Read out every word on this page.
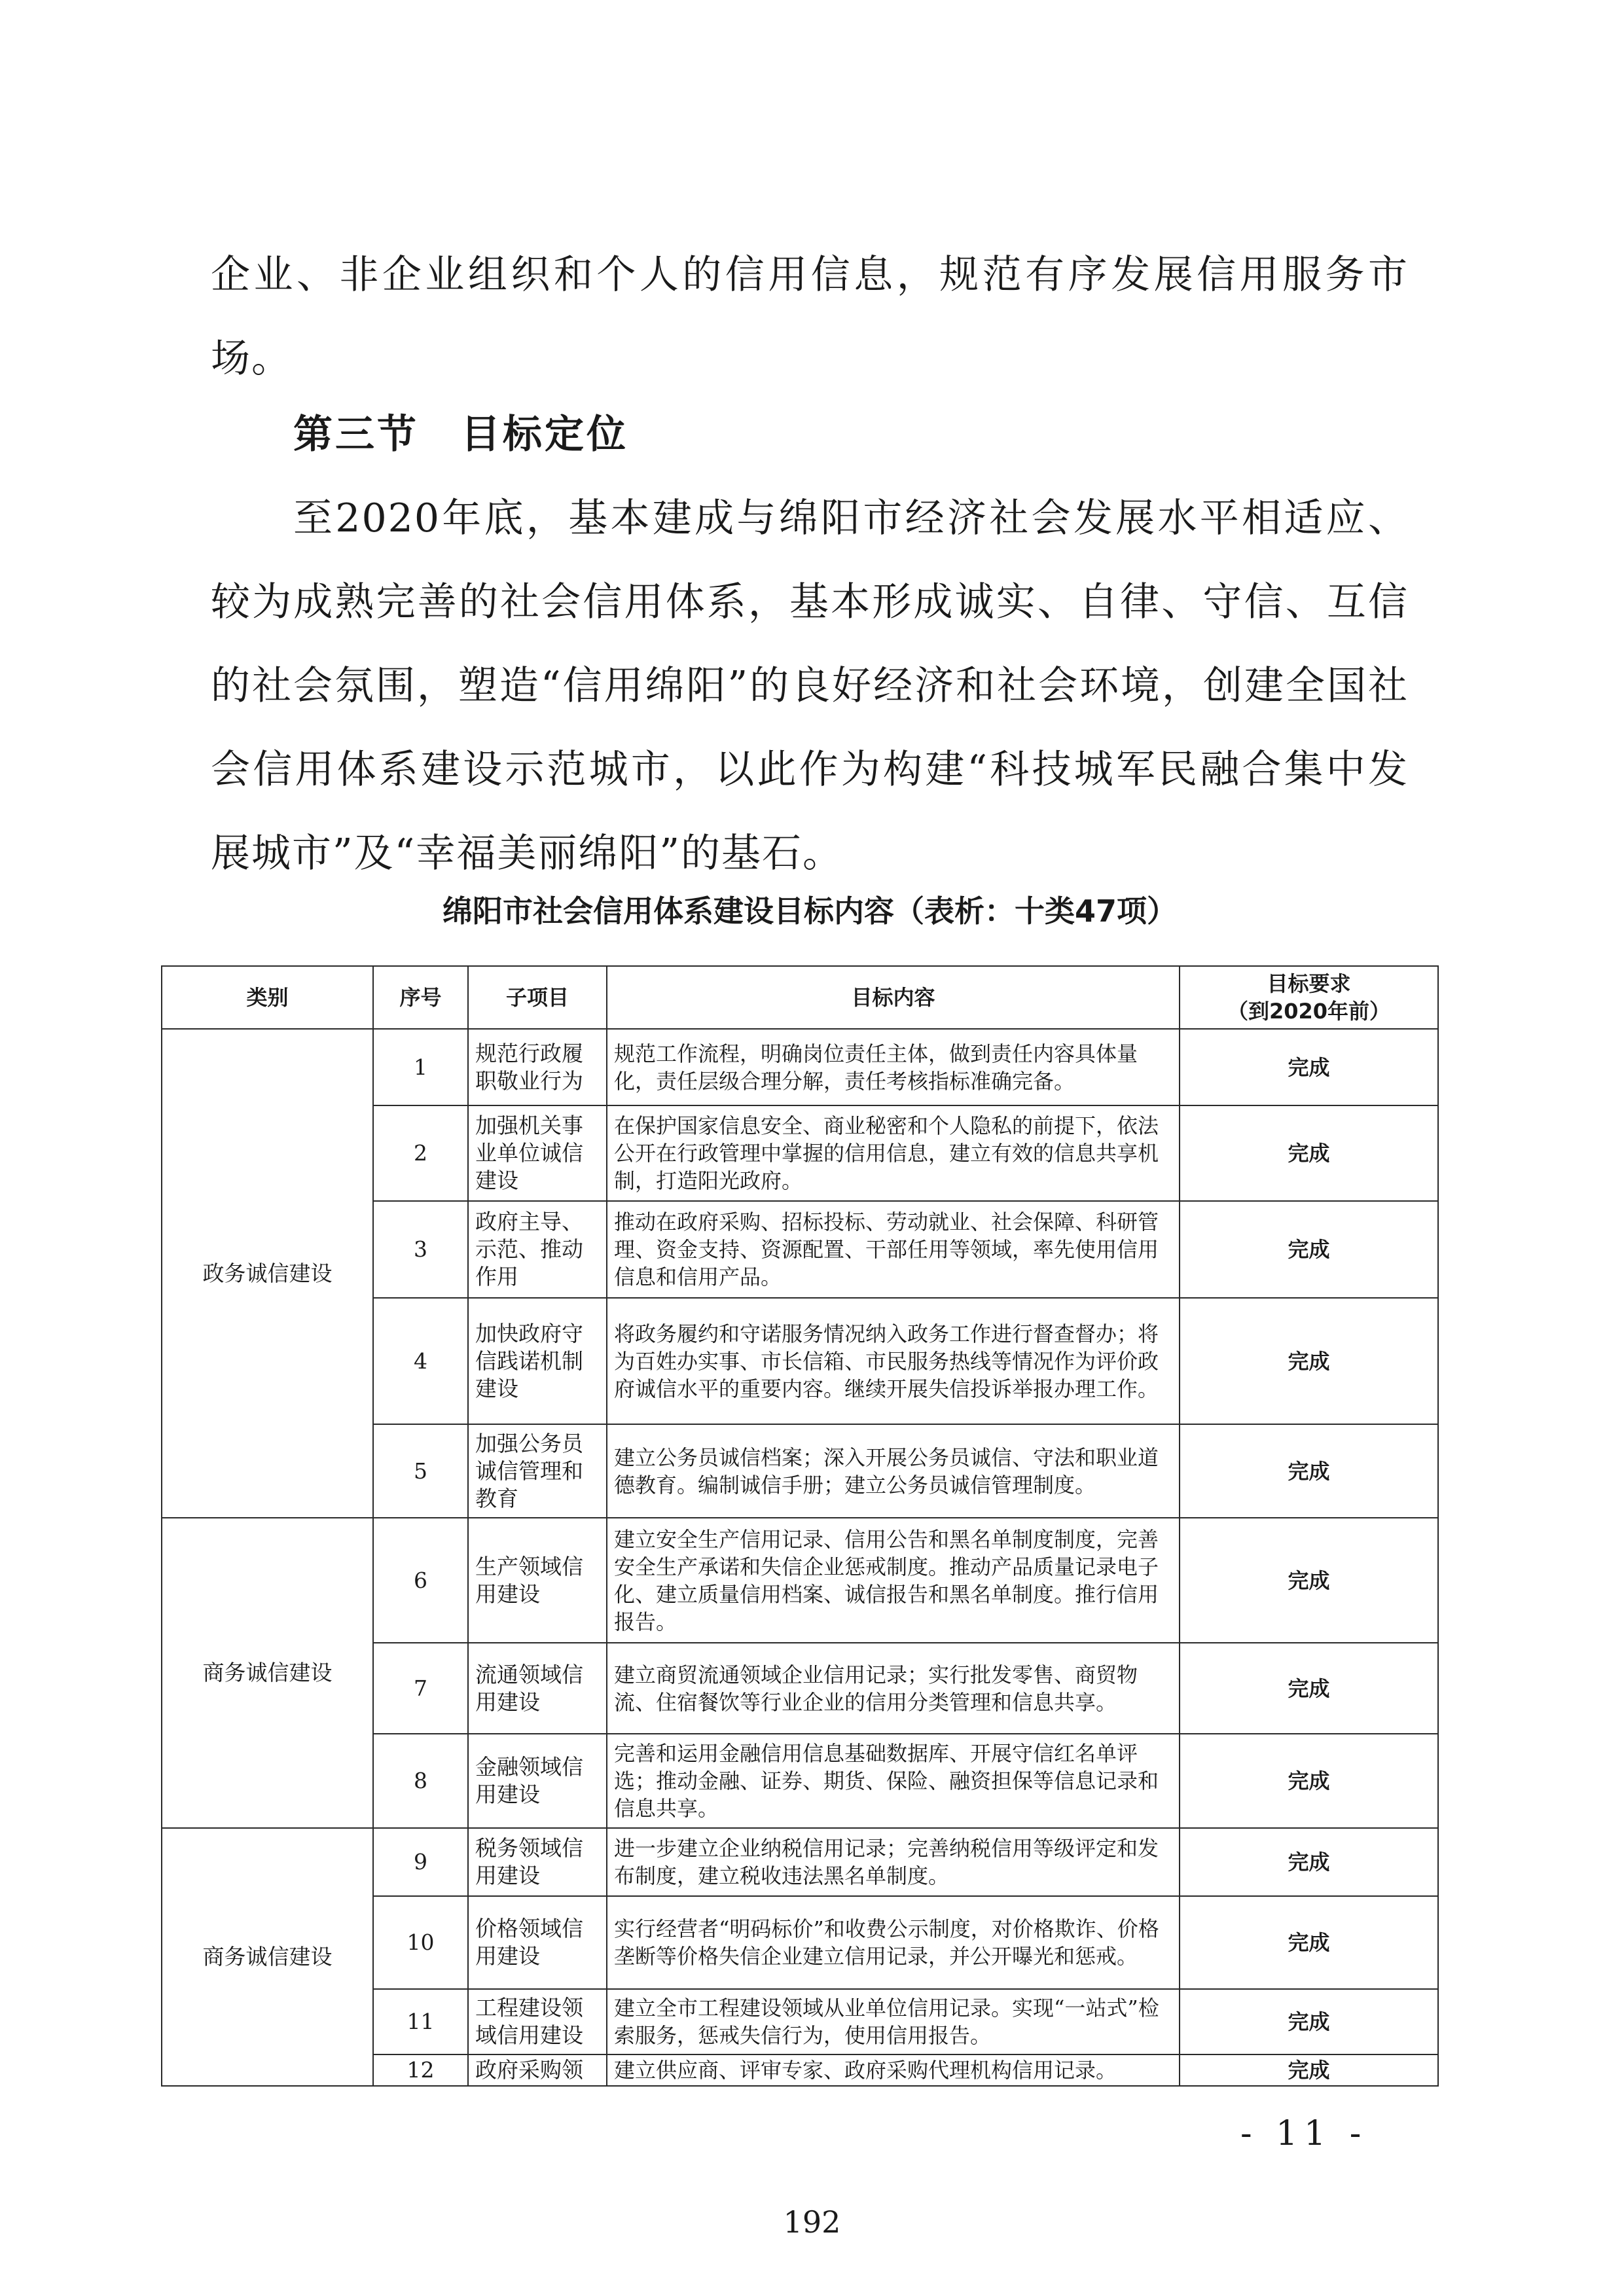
企业、非企业组织和个人的信用信息，规范有序发展信用服务市场。

第三节　目标定位

至2020年底，基本建成与绵阳市经济社会发展水平相适应、较为成熟完善的社会信用体系，基本形成诚实、自律、守信、互信的社会氛围，塑造“信用绵阳”的良好经济和社会环境，创建全国社会信用体系建设示范城市，以此作为构建“科技城军民融合集中发展城市”及“幸福美丽绵阳”的基石。

绵阳市社会信用体系建设目标内容（表析：十类47项）

类别	序号	子项目	目标内容	目标要求
（到2020年前）

政务诚信建设	1	规范行政履职敬业行为	规范工作流程，明确岗位责任主体，做到责任内容具体量化，责任层级合理分解，责任考核指标准确完备。	完成
	2	加强机关事业单位诚信建设	在保护国家信息安全、商业秘密和个人隐私的前提下，依法公开在行政管理中掌握的信用信息，建立有效的信息共享机制，打造阳光政府。	完成
	3	政府主导、示范、推动作用	推动在政府采购、招标投标、劳动就业、社会保障、科研管理、资金支持、资源配置、干部任用等领域，率先使用信用信息和信用产品。	完成
	4	加快政府守信践诺机制建设	将政务履约和守诺服务情况纳入政务工作进行督查督办；将为百姓办实事、市长信箱、市民服务热线等情况作为评价政府诚信水平的重要内容。继续开展失信投诉举报办理工作。	完成
	5	加强公务员诚信管理和教育	建立公务员诚信档案；深入开展公务员诚信、守法和职业道德教育。编制诚信手册；建立公务员诚信管理制度。	完成
商务诚信建设	6	生产领域信用建设	建立安全生产信用记录、信用公告和黑名单制度制度，完善安全生产承诺和失信企业惩戒制度。推动产品质量记录电子化、建立质量信用档案、诚信报告和黑名单制度。推行信用报告。	完成
	7	流通领域信用建设	建立商贸流通领域企业信用记录；实行批发零售、商贸物流、住宿餐饮等行业企业的信用分类管理和信息共享。	完成
	8	金融领域信用建设	完善和运用金融信用信息基础数据库、开展守信红名单评选；推动金融、证券、期货、保险、融资担保等信息记录和信息共享。	完成
商务诚信建设	9	税务领域信用建设	进一步建立企业纳税信用记录；完善纳税信用等级评定和发布制度，建立税收违法黑名单制度。	完成
	10	价格领域信用建设	实行经营者“明码标价”和收费公示制度，对价格欺诈、价格垄断等价格失信企业建立信用记录，并公开曝光和惩戒。	完成
	11	工程建设领域信用建设	建立全市工程建设领域从业单位信用记录。实现“一站式”检索服务，惩戒失信行为，使用信用报告。	完成
	12	政府采购领	建立供应商、评审专家、政府采购代理机构信用记录。	完成

- 11 -

192
